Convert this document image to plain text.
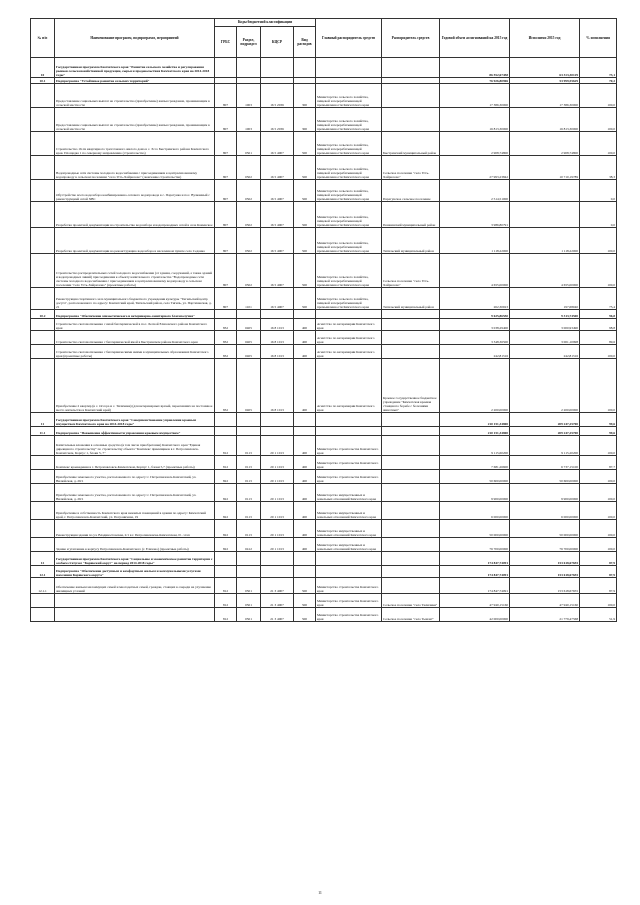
№ п/п	Наименование программ, подпрограмм, мероприятий	Коды бюджетной классификации				Главный распорядитель средств	Распорядитель средств	Годовой объем ассигнований на 2015 год	Исполнено 2015 год	% исполнения
		ГРБС	Раздел, подраздел	КЦСР	Вид расходов					
10	Государственная программа Камчатского края "Развитие сельского хозяйства и регулирования рынков сельскохозяйственной продукции, сырья и продовольствия Камчатского края на 2014-2018 годы"							86 552,67458	63 313,30129	73,1
10.1	Подпрограмма "Устойчивое развитие сельских территорий"							76 926,80906	53 999,55629	70,2
	Предоставление социальных выплат на строительство (приобретение) жилья гражданам, проживающим в сельской местности	807	1003	16 5 2036	300	Министерство сельского хозяйства, пищевой и перерабатывающей промышленности Камчатского края		17 386,30000	17 386,30000	100,0
	Предоставление социальных выплат на строительство (приобретение) жилья гражданам, проживающим в сельской местности	807	1003	16 5 2036	300	Министерство сельского хозяйства, пищевой и перерабатывающей промышленности Камчатского края		16 813,30000	16 813,30000	100,0
	Строительство 16-ти квартирного трехэтажного жилого дома в с. Эссо Быстринского района Камчатского края. Площадка 1 по северному направлению (строительство)	807	0501	16 5 4007	500	Министерство сельского хозяйства, пищевой и перерабатывающей промышленности Камчатского края	Быстринский муниципальный район	2 908,74800	2 908,74800	100,0
	Водопроводные сети системы холодного водоснабжения с присоединением к централизованному водопроводу в сельском поселении "село Усть-Хайрюзово" (окончание строительства)	807	0502	16 5 4007	500	Министерство сельского хозяйства, пищевой и перерабатывающей промышленности Камчатского края	Сельское поселение "село Усть-Хайрюзово"	27 993,23842	10 710,19789	38,3
	Обустройство всего водозабора комбинированно-сетевого водопровода в с. Парагунка и пос. Вулканный с реконструкцией сетей ХВС	807	0502	16 5 4007	500	Министерство сельского хозяйства, пищевой и перерабатывающей промышленности Камчатского края	Парагунское сельское поселение	2 514,51000		0,0
	Разработка проектной документации на строительство водозабора и водопроводных сетей в селе Каменское	807	0502	16 5 4007	500	Министерство сельского хозяйства, пищевой и перерабатывающей промышленности Камчатского края	Пенжинский муниципальный район	3 986,80791		0,0
	Разработка проектной документации на реконструкцию водозабора в населенном пункте село Седанка	807	0502	16 5 4007	500	Министерство сельского хозяйства, пищевой и перерабатывающей промышленности Камчатского края	Тигильский муниципальный район	1 118,22000	1 118,22000	100,0
	Строительство распределительных сетей холодного водоснабжения (от здания, сооружений, а также зданий и водопроводных линий) присоединения к объекту капитального строительства "Водопроводные сети системы холодного водоснабжения с присоединением к централизованному водопроводу в сельском поселении "село Усть-Хайрюзово" (проектные работы)	807	0502	16 5 4007	500	Министерство сельского хозяйства, пищевой и перерабатывающей промышленности Камчатского края	Сельское поселение "село Усть-Хайрюзово"	4 655,00000	4 655,00000	100,0
	Реконструкция спортивного зала муниципального бюджетного учреждения культуры "Тигильский центр досуга", расположенного по адресу: Камчатский край, Тигильский район, село Тигиль, ул. Партизанская, д. 21	807	1101	16 5 4007	500	Министерство сельского хозяйства, пищевой и перерабатывающей промышленности Камчатского края	Тигильский муниципальный район	262,30923	197,68040	75,4
10.2	Подпрограмма "Обеспечение эпизоотического и ветеринарно-санитарного благополучия"							9 625,86550	9 313,74500	96,8
	Строительство скотомогильника с ямой биотермической в пос. Лесной Елизовского района Камчатского края	832	0405	16 8 1013	400	Агентство по ветеринарии Камчатского края		3 038,29400	3 000,93490	98,8
	Строительство скотомогильника с биотермической ямой в Быстринском районе Камчатского края	832	0405	16 8 1013	400	Агентство по ветеринарии Камчатского края		3 348,36500	3 001,10998	89,6
	Строительство скотомогильника с биотермическими ямами в муниципальных образованиях Камчатского края (проектные работы)	832	0405	16 8 1013	400	Агентство по ветеринарии Камчатского края		242,81316	242,81316	100,0
	Приобретение 2 квартир (в с. Оссора и с. Тиличики) (для ветеринарных врачей, переехавших на постоянное место жительства в Камчатский край)	832	0405	16 8 1013	400	Агентство по ветеринарии Камчатского края	Краевое государственное бюджетное учреждение "Камчатская краевая станция по борьбе с болезнями животных"	2 200,00000	2 200,00000	100,0
11	Государственная программа Камчатского края "Совершенствование управления краевым имуществом Камчатского края на 2014-2018 годы"							210 151,34800	209 247,25700	99,6
11.1	Подпрограмма "Повышение эффективности управления краевым имуществом"							210 151,34800	209 247,25700	99,6
	Капитальные вложения в основные средства (в том числе приобретение) Камчатского края "Единая дирекция по строительству" по строительству объекта "Комплекс приемщиков в г. Петропавловск-Камчатском, Корпус 1, блоки 5, 7"	812	0113	20 1 1013	400	Министерство строительства Камчатского края		9 115,60200	9 115,20200	100,0
	Комплекс краеведения в г. Петропавловск-Камчатском, Корпус 1, блоки 5,7 (проектные работы)	812	0113	20 1 1013	400	Министерство строительства Камчатского края		7 681,26600	6 737,15100	87,7
	Приобретение земельного участка, расположенного по адресу: г. Петропавловск-Камчатский, ул. Вилюйская, д. 26/1	822	0113	20 1 1013	400	Министерство строительства Камчатского края		50 600,00000	50 600,00000	100,0
	Приобретение земельного участка, расположенного по адресу: г. Петропавловск-Камчатский, ул. Вилюйская, д. 26/1	822	0113	20 1 1013	400	Министерство имущественных и земельных отношений Камчатского края		9 900,00000	9 900,00000	100,0
	Приобретение в собственность Камчатского края нежилых помещений в здании по адресу: Камчатский край, г. Петропавловск-Камчатский, ул. Пограничная, 19	822	0113	20 1 1013	400	Министерство имущественных и земельных отношений Камчатского края		6 000,00000	6 000,00000	100,0
	Реконструкция здания по ул. Владивостокская, 2/1 в г. Петропавловске-Камчатском, II - этап	822	0113	20 1 1013	400	Министерство имущественных и земельных отношений Камчатского края		50 000,00000	50 000,00000	100,0
	Здание и утепление к корпусу Петропавловск-Камчатского (г. Елизово) (проектные работы)	822	0412	20 1 1013	400	Министерство имущественных и земельных отношений Камчатского края		76 700,00000	76 700,00000	100,0
12	Государственная программа Камчатского края "Социальное и экономическое развитие территории с особым статусом "Корякский округ" на период 2014-2018 годы"							174 847,74091	153 618,67655	87,9
12.1	Подпрограмма "Обеспечение доступным и комфортным жильем и коммунальными услугами населения Корякского округа"							174 847,74091	153 618,67655	87,9
12.1.1	Обеспечение жильем малоимущих семей и многодетных семей, граждан, стоящих в очереди на улучшение жилищных условий	812	0501	21 3 4007	500	Министерство строительства Камчатского края		174 847,74091	153 618,67655	87,9
		812	0501	21 3 4007	500	Министерство строительства Камчатского края	Сельское поселение "село Тиличики"	47 940,15160	47 940,15160	100,0
		812	0501	21 3 4007	500	Министерство строительства Камчатского края	Сельское поселение "село Тымлат"	42 000,00000	21 779,47568	51,9
11
